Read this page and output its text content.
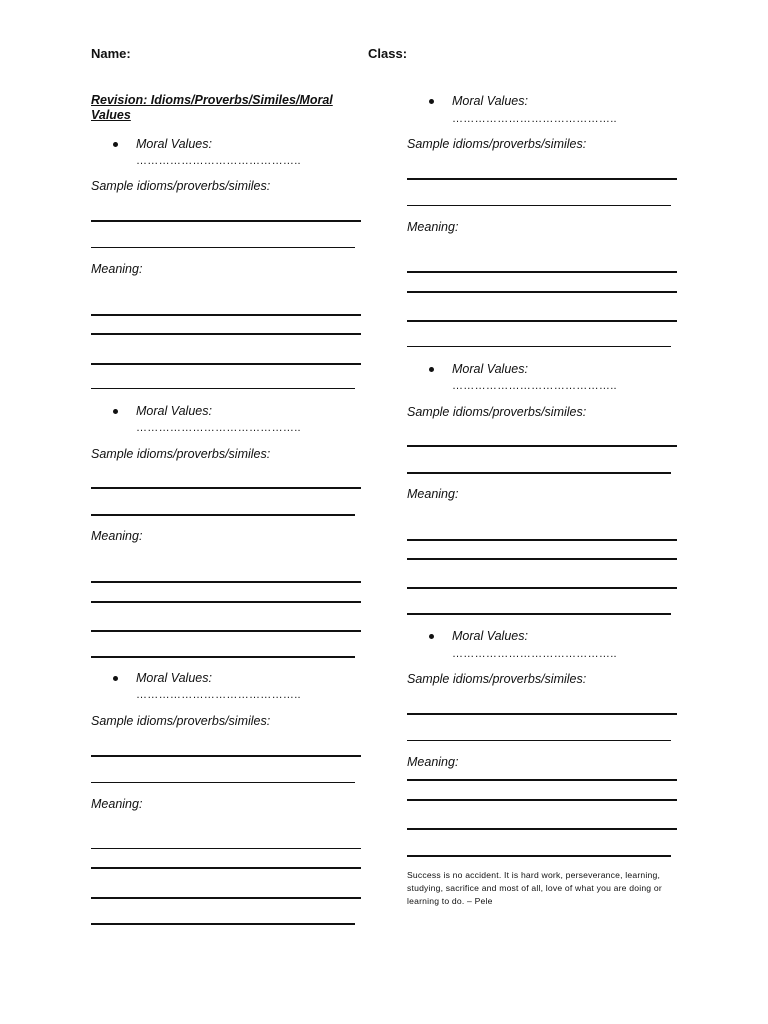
Name:	Class:
Revision: Idioms/Proverbs/Similes/Moral Values
Moral Values:
……………………………………..
Sample idioms/proverbs/similes:
Meaning:
Moral Values:
……………………………………..
Sample idioms/proverbs/similes:
Meaning:
Moral Values:
……………………………………..
Sample idioms/proverbs/similes:
Meaning:
Moral Values:
……………………………………..
Sample idioms/proverbs/similes:
Meaning:
Moral Values:
……………………………………..
Sample idioms/proverbs/similes:
Meaning:
Moral Values:
……………………………………..
Sample idioms/proverbs/similes:
Meaning:
Success is no accident. It is hard work, perseverance, learning, studying, sacrifice and most of all, love of what you are doing or learning to do. – Pele
